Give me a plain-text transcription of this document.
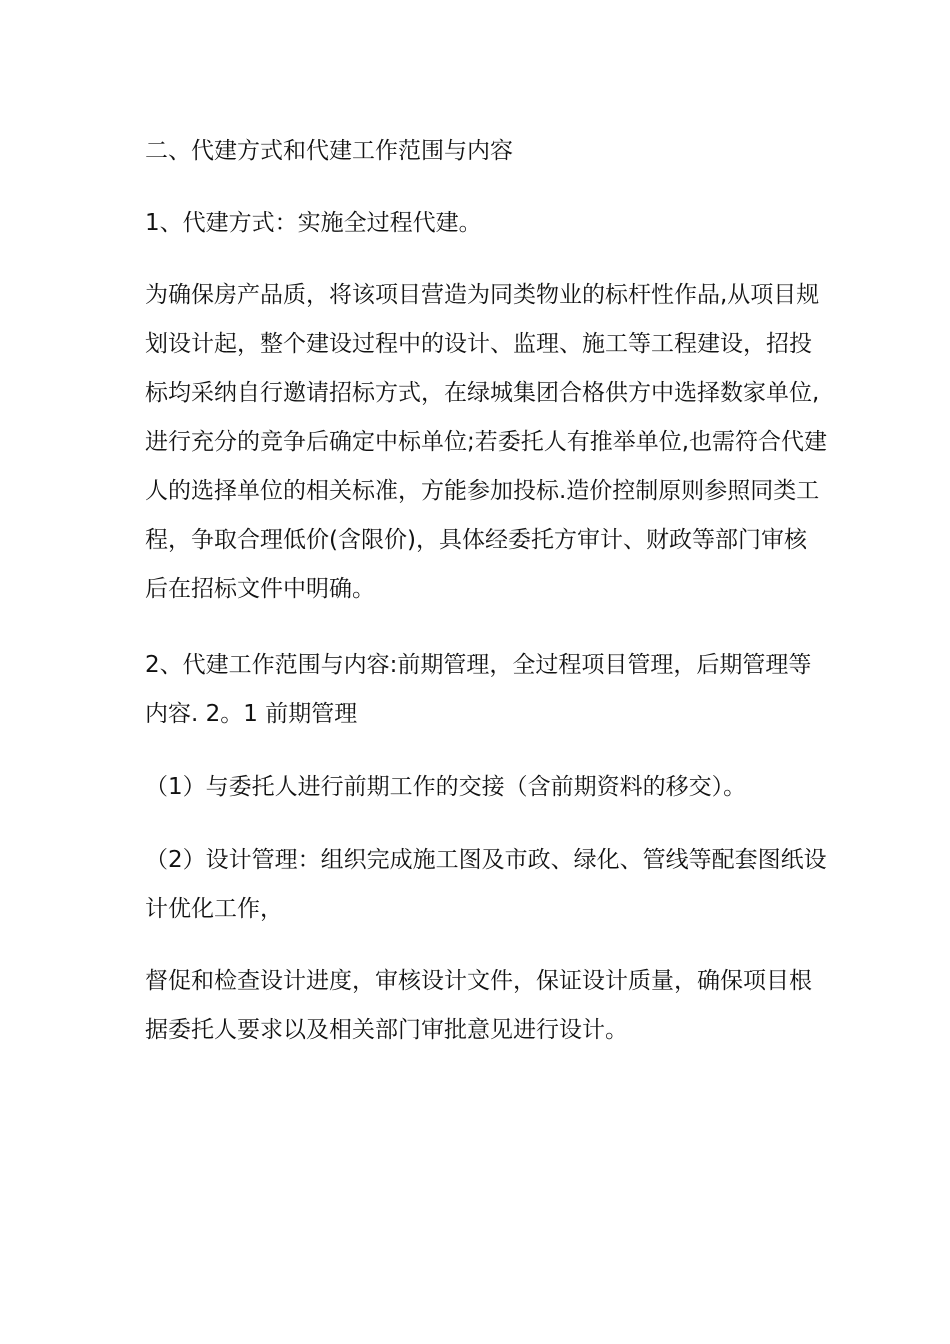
二、代建方式和代建工作范围与内容
1、代建方式：实施全过程代建。
为确保房产品质，将该项目营造为同类物业的标杆性作品,从项目规
划设计起，整个建设过程中的设计、监理、施工等工程建设，招投
标均采纳自行邀请招标方式，在绿城集团合格供方中选择数家单位,
进行充分的竞争后确定中标单位;若委托人有推举单位,也需符合代建
人的选择单位的相关标准，方能参加投标.造价控制原则参照同类工
程，争取合理低价(含限价)，具体经委托方审计、财政等部门审核
后在招标文件中明确。
2、代建工作范围与内容:前期管理，全过程项目管理，后期管理等
内容. 2。1 前期管理
（1）与委托人进行前期工作的交接（含前期资料的移交）。
（2）设计管理：组织完成施工图及市政、绿化、管线等配套图纸设
计优化工作，
督促和检查设计进度，审核设计文件，保证设计质量，确保项目根
据委托人要求以及相关部门审批意见进行设计。
